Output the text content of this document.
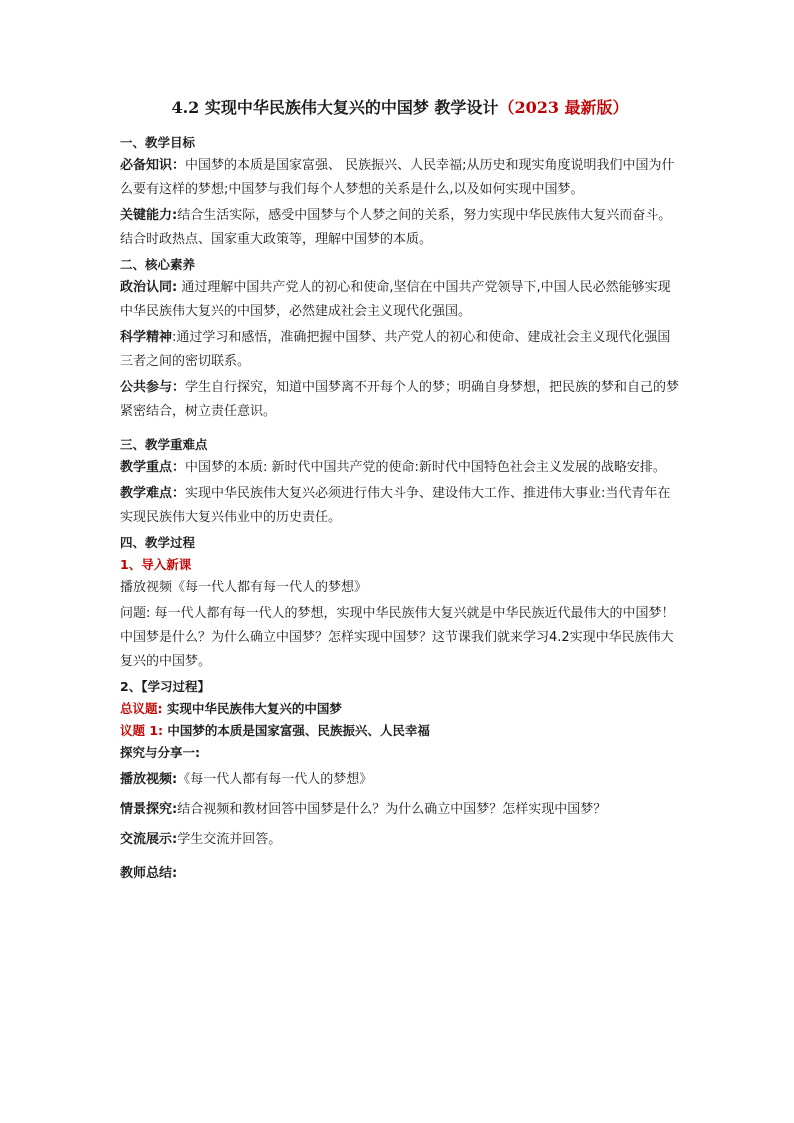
4.2 实现中华民族伟大复兴的中国梦 教学设计（2023 最新版）
一、教学目标
必备知识：中国梦的本质是国家富强、 民族振兴、人民幸福;从历史和现实角度说明我们中国为什么要有这样的梦想;中国梦与我们每个人梦想的关系是什么,以及如何实现中国梦。
关键能力:结合生活实际，感受中国梦与个人梦之间的关系，努力实现中华民族伟大复兴而奋斗。结合时政热点、国家重大政策等，理解中国梦的本质。
二、核心素养
政治认同: 通过理解中国共产党人的初心和使命,坚信在中国共产党领导下,中国人民必然能够实现中华民族伟大复兴的中国梦，必然建成社会主义现代化强国。
科学精神:通过学习和感悟，准确把握中国梦、共产党人的初心和使命、建成社会主义现代化强国三者之间的密切联系。
公共参与：学生自行探究，知道中国梦离不开每个人的梦；明确自身梦想，把民族的梦和自己的梦紧密结合，树立责任意识。
三、教学重难点
教学重点：中国梦的本质: 新时代中国共产党的使命:新时代中国特色社会主义发展的战略安排。
教学难点：实现中华民族伟大复兴必须进行伟大斗争、建设伟大工作、推进伟大事业:当代青年在实现民族伟大复兴伟业中的历史责任。
四、教学过程
1、导入新课
播放视频《每一代人都有每一代人的梦想》
问题: 每一代人都有每一代人的梦想，实现中华民族伟大复兴就是中华民族近代最伟大的中国梦！中国梦是什么？为什么确立中国梦？怎样实现中国梦？这节课我们就来学习4.2实现中华民族伟大复兴的中国梦。
2、【学习过程】
总议题: 实现中华民族伟大复兴的中国梦
议题 1: 中国梦的本质是国家富强、民族振兴、人民幸福
探究与分享一:
播放视频:《每一代人都有每一代人的梦想》
情景探究:结合视频和教材回答中国梦是什么？为什么确立中国梦？怎样实现中国梦？
交流展示:学生交流并回答。
教师总结:
